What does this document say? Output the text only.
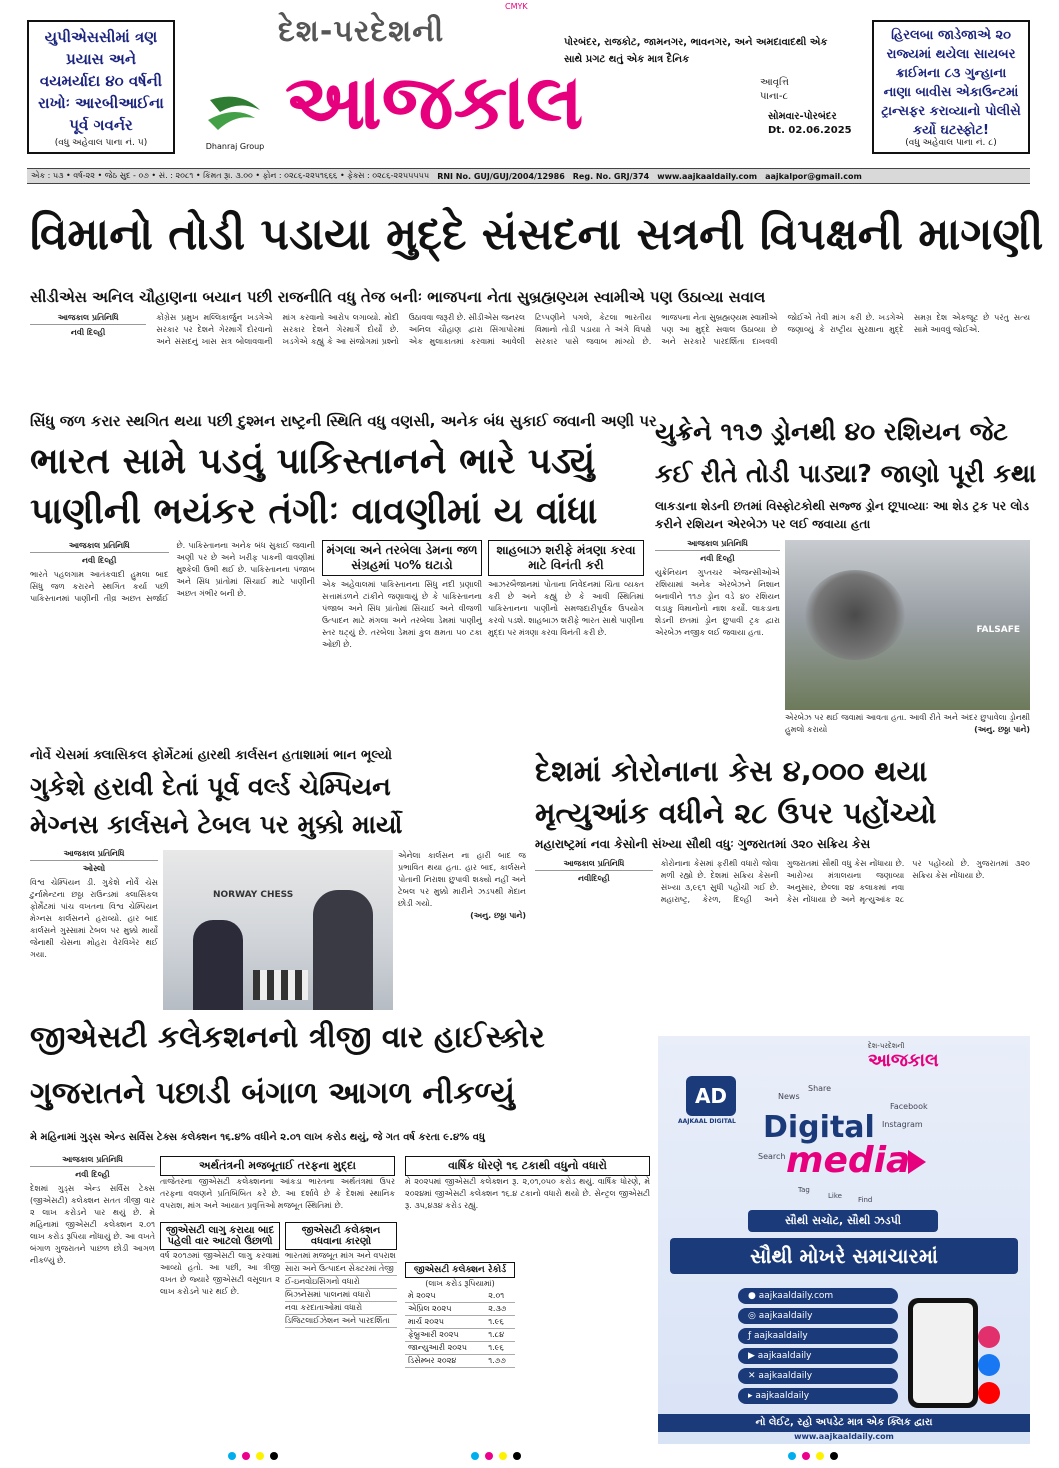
CMYK
યુપીએસસીમાં ત્રણ પ્રયાસ અને વયમર્યાદા ૪૦ વર્ષની રાખોઃ આરબીઆઈના પૂર્વ ગવર્નર
(વધુ અહેવાલ પાના નં. ૫)	Dhanraj Group
દેશ-પરદેશની
આજકાલ
પોરબંદર, રાજકોટ, જામનગર, ભાવનગર, અને અમદાવાદથી એક સાથે પ્રગટ થતું એક માત્ર દૈનિક
આવૃત્તિ
પાના-૮
સોમવાર-પોરબંદર
Dt. 02.06.2025
હિરલબા જાડેજાએ ૨૦ રાજ્યમાં થયેલા સાયબર ક્રાઈમના ૮૩ ગુન્હાના નાણા બાવીસ એકાઉન્ટમાં ટ્રાન્સફર કરાવ્યાનો પોલીસે કર્યો ઘટસ્ફોટ!
(વધુ અહેવાલ પાના નં. ૮)
એક : ૫૩ • વર્ષ-૨૨ • જેઠ સુદ - ૦૭ • સં. : ૨૦૮૧ • કિંમત રૂા. ૩.૦૦ • ફોન : ૦૨૮૬-૨૨૫૧૬૬૬ • ફેક્સ : ૦૨૮૬-૨૨૫૫૫૫૫ RNI No. GUJ/GUJ/2004/12986 Reg. No. GRJ/374 www.aajkaaldaily.com aajkalpor@gmail.com
વિમાનો તોડી પડાયા મુદ્દે સંસદના સત્રની વિપક્ષની માગણી
સીડીએસ અનિલ ચૌહાણના બયાન પછી રાજનીતિ વધુ તેજ બનીઃ ભાજપના નેતા સુબ્રહ્મણ્યમ સ્વામીએ પણ ઉઠાવ્યા સવાલ
આજકાલ પ્રતિનિધિ
નવી દિલ્હી
કોંગ્રેસ પ્રમુખ મલ્લિકાર્જુન ખડગેએ સરકાર પર દેશને ગેરમાર્ગે દોરવાનો અને સંસદનું ખાસ સત્ર બોલાવવાની માંગ કરવાનો આરોપ લગાવ્યો. મોદી સરકાર દેશને ગેરમાર્ગે દોર્યો છે. ખડગેએ કહ્યું કે આ સંજોગમાં પ્રશ્નો ઉઠાવવા જરૂરી છે. સીડીએસ જનરલ અનિલ ચૌહાણ દ્વારા સિંગાપોરમાં એક મુલાકાતમાં કરવામાં આવેલી ટિપ્પણીને પગલે, કેટલા ભારતીય વિમાનો તોડી પડાયા તે અંગે વિપક્ષે સરકાર પાસે જવાબ માંગ્યો છે. ભાજપના નેતા સુબ્રહ્મણ્યમ સ્વામીએ પણ આ મુદ્દે સવાલ ઉઠાવ્યા છે અને સરકારે પારદર્શિતા દાખવવી જોઈએ તેવી માંગ કરી છે. ખડગેએ જણાવ્યું કે રાષ્ટ્રીય સુરક્ષાના મુદ્દે સમગ્ર દેશ એકજૂટ છે પરંતુ સત્ય સામે આવવું જોઈએ.
સિંધુ જળ કરાર સ્થગિત થયા પછી દુશ્મન રાષ્ટ્રની સ્થિતિ વધુ વણસી, અનેક બંધ સુકાઈ જવાની અણી પર
ભારત સામે પડવું પાકિસ્તાનને ભારે પડ્યું
પાણીની ભયંકર તંગીઃ વાવણીમાં ય વાંધા
આજકાલ પ્રતિનિધિ
નવી દિલ્હી
ભારતે પહલગામ આતંકવાદી હુમલા બાદ સિંધુ જળ કરારને સ્થગિત કર્યા પછી પાકિસ્તાનમાં પાણીની તીવ્ર અછત સર્જાઈ છે. પાકિસ્તાનના અનેક બંધ સુકાઈ જવાની અણી પર છે અને ખરીફ પાકની વાવણીમાં મુશ્કેલી ઉભી થઈ છે. પાકિસ્તાનના પંજાબ અને સિંધ પ્રાંતોમાં સિંચાઈ માટે પાણીની અછત ગંભીર બની છે.
મંગલા અને તરબેલા ડેમના જળ સંગ્રહમાં ૫૦% ઘટાડો
એક અહેવાલમાં પાકિસ્તાનના સિંધુ નદી પ્રણાલી સત્તામંડળને ટાંકીને જણાવાયું છે કે પાકિસ્તાનના પંજાબ અને સિંધ પ્રાંતોમાં સિંચાઈ અને વીજળી ઉત્પાદન માટે મંગલા અને તરબેલા ડેમમાં પાણીનું સ્તર ઘટ્યું છે. તરબેલા ડેમમાં કુલ ક્ષમતા ૫૦ ટકા ઓછી છે.
શાહબાઝ શરીફે મંત્રણા કરવા માટે વિનંતી કરી
આઝરબૈજાનમાં પોતાના નિવેદનમાં ચિંતા વ્યક્ત કરી છે અને કહ્યું છે કે આવી સ્થિતિમાં પાકિસ્તાનના પાણીનો સમજદારીપૂર્વક ઉપયોગ કરવો પડશે. શાહબાઝ શરીફે ભારત સાથે પાણીના મુદ્દા પર મંત્રણા કરવા વિનંતી કરી છે.
યુક્રેને ૧૧૭ ડ્રોનથી ૪૦ રશિયન જેટ
કઈ રીતે તોડી પાડ્યા? જાણો પૂરી કથા
લાકડાના શેડની છતમાં વિસ્ફોટકોથી સજ્જ ડ્રોન છૂપાવ્યાઃ આ શેડ ટ્રક પર લોડ કરીને રશિયન એરબેઝ પર લઈ જવાયા હતા
આજકાલ પ્રતિનિધિ
નવી દિલ્હી
યુક્રેનિયન ગુપ્તચર એજન્સીઓએ રશિયામાં અનેક એરબેઝને નિશાન બનાવીને ૧૧૭ ડ્રોન વડે ૪૦ રશિયન લડાકુ વિમાનોનો નાશ કર્યો. લાકડાના શેડની છતમાં ડ્રોન છુપાવી ટ્રક દ્વારા એરબેઝ નજીક લઈ જવાયા હતા.	FALSAFE
એરબેઝ પર થઈ જવામાં આવતા હતા. આવી રીતે અને અંદર છુપાવેલા ડ્રોનથી હુમલો કરાયો	(અનુ. છઠ્ઠા પાને)
નોર્વે ચેસમાં ક્લાસિકલ ફોર્મેટમાં હારથી કાર્લસન હતાશામાં ભાન ભૂલ્યો
ગુકેશે હરાવી દેતાં પૂર્વ વર્લ્ડ ચેમ્પિયન
મેગ્નસ કાર્લસને ટેબલ પર મુક્કો માર્યો
આજકાલ પ્રતિનિધિ
ઓસ્લો
વિશ્વ ચેમ્પિયન ડી. ગુકેશે નોર્વે ચેસ ટુર્નામેન્ટના છઠ્ઠા રાઉન્ડમાં ક્લાસિકલ ફોર્મેટમાં પાંચ વખતના વિશ્વ ચેમ્પિયન મેગ્નસ કાર્લસનને હરાવ્યો. હાર બાદ કાર્લસને ગુસ્સામાં ટેબલ પર મુક્કો માર્યો જેનાથી ચેસના મોહરા વેરવિખેર થઈ ગયા.
NORWAY CHESS
એનેલા કાર્લસન ના હારી બાદ જ પ્રભાવિત થયા હતા. હાર બાદ, કાર્લસને પોતાની નિરાશા છુપાવી શક્યો નહીં અને ટેબલ પર મુક્કો મારીને ઝડપથી મેદાન છોડી ગયો.
(અનુ. છઠ્ઠા પાને)
દેશમાં કોરોનાના કેસ ૪,૦૦૦ થયા
મૃત્યુઆંક વધીને ૨૮ ઉપર પહોંચ્યો
મહારાષ્ટ્રમાં નવા કેસોની સંખ્યા સૌથી વધુઃ ગુજરાતમાં ૩૨૦ સક્રિય કેસ
આજકાલ પ્રતિનિધિ
નવીદિલ્હી
કોરોનાના કેસમાં ફરીથી વધારો જોવા મળી રહ્યો છે. દેશમાં સક્રિય કેસની સંખ્યા ૩,૯૬૧ સુધી પહોંચી ગઈ છે. મહારાષ્ટ્ર, કેરળ, દિલ્હી અને ગુજરાતમાં સૌથી વધુ કેસ નોંધાયા છે. આરોગ્ય મંત્રાલયના જણાવ્યા અનુસાર, છેલ્લા ૨૪ કલાકમાં નવા કેસ નોંધાયા છે અને મૃત્યુઆંક ૨૮ પર પહોંચ્યો છે. ગુજરાતમાં ૩૨૦ સક્રિય કેસ નોંધાયા છે.
જીએસટી કલેકશનનો ત્રીજી વાર હાઈસ્કોર
ગુજરાતને પછાડી બંગાળ આગળ નીકળ્યું
મે મહિનામાં ગુડ્સ એન્ડ સર્વિસ ટેક્સ કલેક્શન ૧૬.૪% વધીને ૨.૦૧ લાખ કરોડ થયું, જે ગત વર્ષ કરતા ૯.૪% વધુ
આજકાલ પ્રતિનિધિ
નવી દિલ્હી
દેશમાં ગુડ્સ એન્ડ સર્વિસ ટેક્સ (જીએસટી) કલેક્શન સતત ત્રીજી વાર ૨ લાખ કરોડને પાર થયું છે. મે મહિનામાં જીએસટી કલેક્શન ૨.૦૧ લાખ કરોડ રૂપિયા નોંધાયું છે. આ વખતે બંગાળ ગુજરાતને પાછળ છોડી આગળ નીકળ્યું છે.
અર્થતંત્રની મજબૂતાઈ તરફના મુદ્દા
તાજેતરના જીએસટી કલેક્શનના આંકડા ભારતના અર્થતંત્રમાં ઉપર તરફના વલણને પ્રતિબિંબિત કરે છે. આ દર્શાવે છે કે દેશમાં સ્થાનિક વપરાશ, માંગ અને આયાત પ્રવૃત્તિઓ મજબૂત સ્થિતિમાં છે.
વાર્ષિક ધોરણે ૧૬ ટકાથી વધુનો વધારો
મે ૨૦૨૫માં જીએસટી કલેક્શન રૂ. ૨,૦૧,૦૫૦ કરોડ થયું. વાર્ષિક ધોરણે, મે ૨૦૨૪માં જીએસટી કલેક્શન ૧૬.૪ ટકાનો વધારો થયો છે. સેન્ટ્રલ જીએસટી રૂ. ૩૫,૪૩૪ કરોડ રહ્યું.
જીએસટી લાગુ કરાયા બાદ પહેલી વાર આટલો ઉછાળો
વર્ષ ૨૦૧૭માં જીએસટી લાગુ કરવામાં આવ્યો હતો. આ પછી, આ ત્રીજી વખત છે જ્યારે જીએસટી વસૂલાત ૨ લાખ કરોડને પાર થઈ છે.
જીએસટી કલેક્શન વધવાના કારણો
ભારતમાં મજબૂત માંગ અને વપરાશ
સારા અને ઉત્પાદન સેક્ટરમાં તેજી
ઈ-ઇનવોઇસિંગનો વધારો
બિઝનેસમાં પાલનમાં વધારો
નવા કરદાતાઓમાં વધારો
ડિજિટલાઈઝેશન અને પારદર્શિતા
જીએસટી કલેક્શન રેકોર્ડ
(લાખ કરોડ રૂપિયામાં)
મે ૨૦૨૫	૨.૦૧
એપ્રિલ ૨૦૨૫	૨.૩૭
માર્ચ ૨૦૨૫	૧.૯૬
ફેબ્રુઆરી ૨૦૨૫	૧.૮૪
જાન્યુઆરી ૨૦૨૫	૧.૯૬
ડિસેમ્બર ૨૦૨૪	૧.૭૭
દેશ-પરદેશની
આજકાલ
AD
AAJKAAL DIGITAL
News
Share
Facebook
Instagram
Digital
Search media
Tag
Like Find
સૌથી સચોટ, સૌથી ઝડપી
સૌથી મોખરે સમાચારમાં
● aajkaaldaily.com
◎ aajkaaldaily
ƒ aajkaaldaily
▶ aajkaaldaily
✕ aajkaaldaily
▸ aajkaaldaily
નો લેઈટ, રહો અપડેટ માત્ર એક ક્લિક દ્વારા
www.aajkaaldaily.com
